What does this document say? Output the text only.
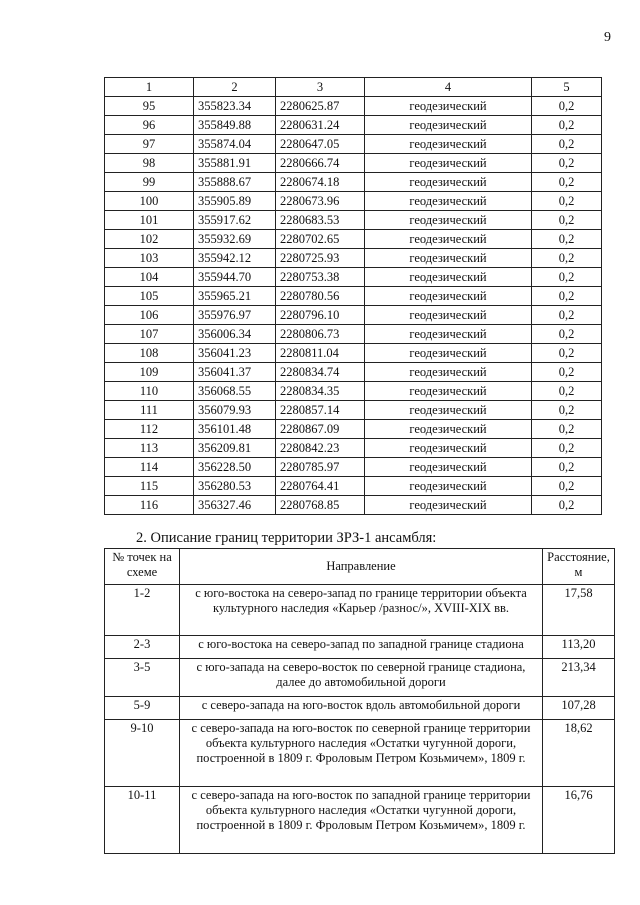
9
1	2	3	4	5
95	355823.34	2280625.87	геодезический	0,2
96	355849.88	2280631.24	геодезический	0,2
97	355874.04	2280647.05	геодезический	0,2
98	355881.91	2280666.74	геодезический	0,2
99	355888.67	2280674.18	геодезический	0,2
100	355905.89	2280673.96	геодезический	0,2
101	355917.62	2280683.53	геодезический	0,2
102	355932.69	2280702.65	геодезический	0,2
103	355942.12	2280725.93	геодезический	0,2
104	355944.70	2280753.38	геодезический	0,2
105	355965.21	2280780.56	геодезический	0,2
106	355976.97	2280796.10	геодезический	0,2
107	356006.34	2280806.73	геодезический	0,2
108	356041.23	2280811.04	геодезический	0,2
109	356041.37	2280834.74	геодезический	0,2
110	356068.55	2280834.35	геодезический	0,2
111	356079.93	2280857.14	геодезический	0,2
112	356101.48	2280867.09	геодезический	0,2
113	356209.81	2280842.23	геодезический	0,2
114	356228.50	2280785.97	геодезический	0,2
115	356280.53	2280764.41	геодезический	0,2
116	356327.46	2280768.85	геодезический	0,2
2. Описание границ территории ЗРЗ-1 ансамбля:
№ точек на схеме	Направление	Расстояние, м
1-2	с юго-востока на северо-запад по границе территории объекта культурного наследия «Карьер /разнос/», XVIII-XIX вв.	17,58
2-3	с юго-востока на северо-запад по западной границе стадиона	113,20
3-5	с юго-запада на северо-восток по северной границе стадиона, далее до автомобильной дороги	213,34
5-9	с северо-запада на юго-восток вдоль автомобильной дороги	107,28
9-10	с северо-запада на юго-восток по северной границе территории объекта культурного наследия «Остатки чугунной дороги, построенной в 1809 г. Фроловым Петром Козьмичем», 1809 г.	18,62
10-11	с северо-запада на юго-восток по западной границе территории объекта культурного наследия «Остатки чугунной дороги, построенной в 1809 г. Фроловым Петром Козьмичем», 1809 г.	16,76
